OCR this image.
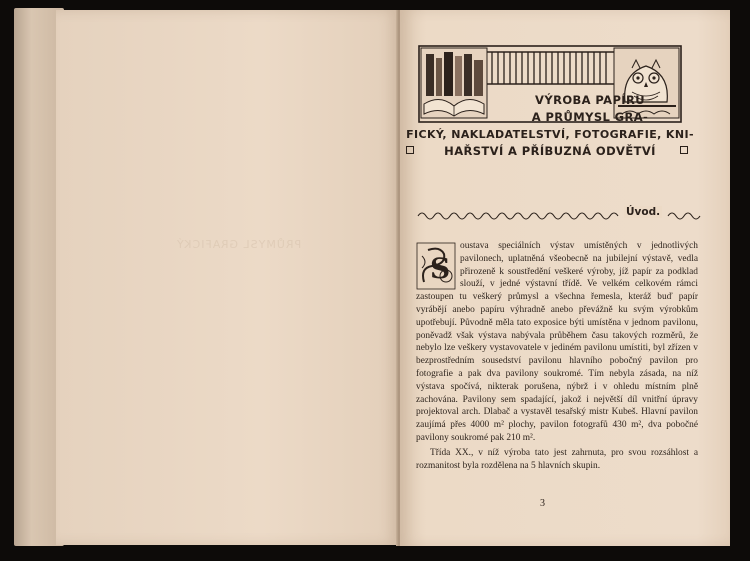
PRŮMYSL GRAFICKÝ
VÝROBA PAPÍRU
A PRŮMYSL GRA-
FICKÝ, NAKLADATELSTVÍ, FOTOGRAFIE, KNI-
HAŘSTVÍ A PŘÍBUZNÁ ODVĚTVÍ
Úvod.
S

oustava speciálních výstav umístěných v jednotlivých pavilonech, uplatněná všeobecně na jubilejní výstavě, vedla přirozeně k soustředění veškeré výroby, jíž papír za podklad slouží, v jedné výstavní třídě. Ve velkém celkovém rámci zastoupen tu veškerý průmysl a všechna řemesla, kteráž buď papír vyrábějí anebo papíru výhradně anebo převážně ku svým výrobkům upotřebují. Původně měla tato exposice býti umístěna v jednom pavilonu, poněvadž však výstava nabývala průběhem času takových rozměrů, že nebylo lze veškery vystavovatele v jediném pavilonu umístiti, byl zřízen v bezprostředním sousedství pavilonu hlavního pobočný pavilon pro fotografie a pak dva pavilony soukromé. Tím nebyla zásada, na níž výstava spočívá, nikterak porušena, nýbrž i v ohledu místním plně zachována. Pavilony sem spadající, jakož i největší díl vnitřní úpravy projektoval arch. Dlabač a vystavěl tesařský mistr Kubeš. Hlavní pavilon zaujímá přes 4000 m² plochy, pavilon fotografů 430 m², dva pobočné pavilony soukromé pak 210 m².

Třída XX., v níž výroba tato jest zahrnuta, pro svou rozsáhlost a rozmanitost byla rozdělena na 5 hlavních skupin.

3
